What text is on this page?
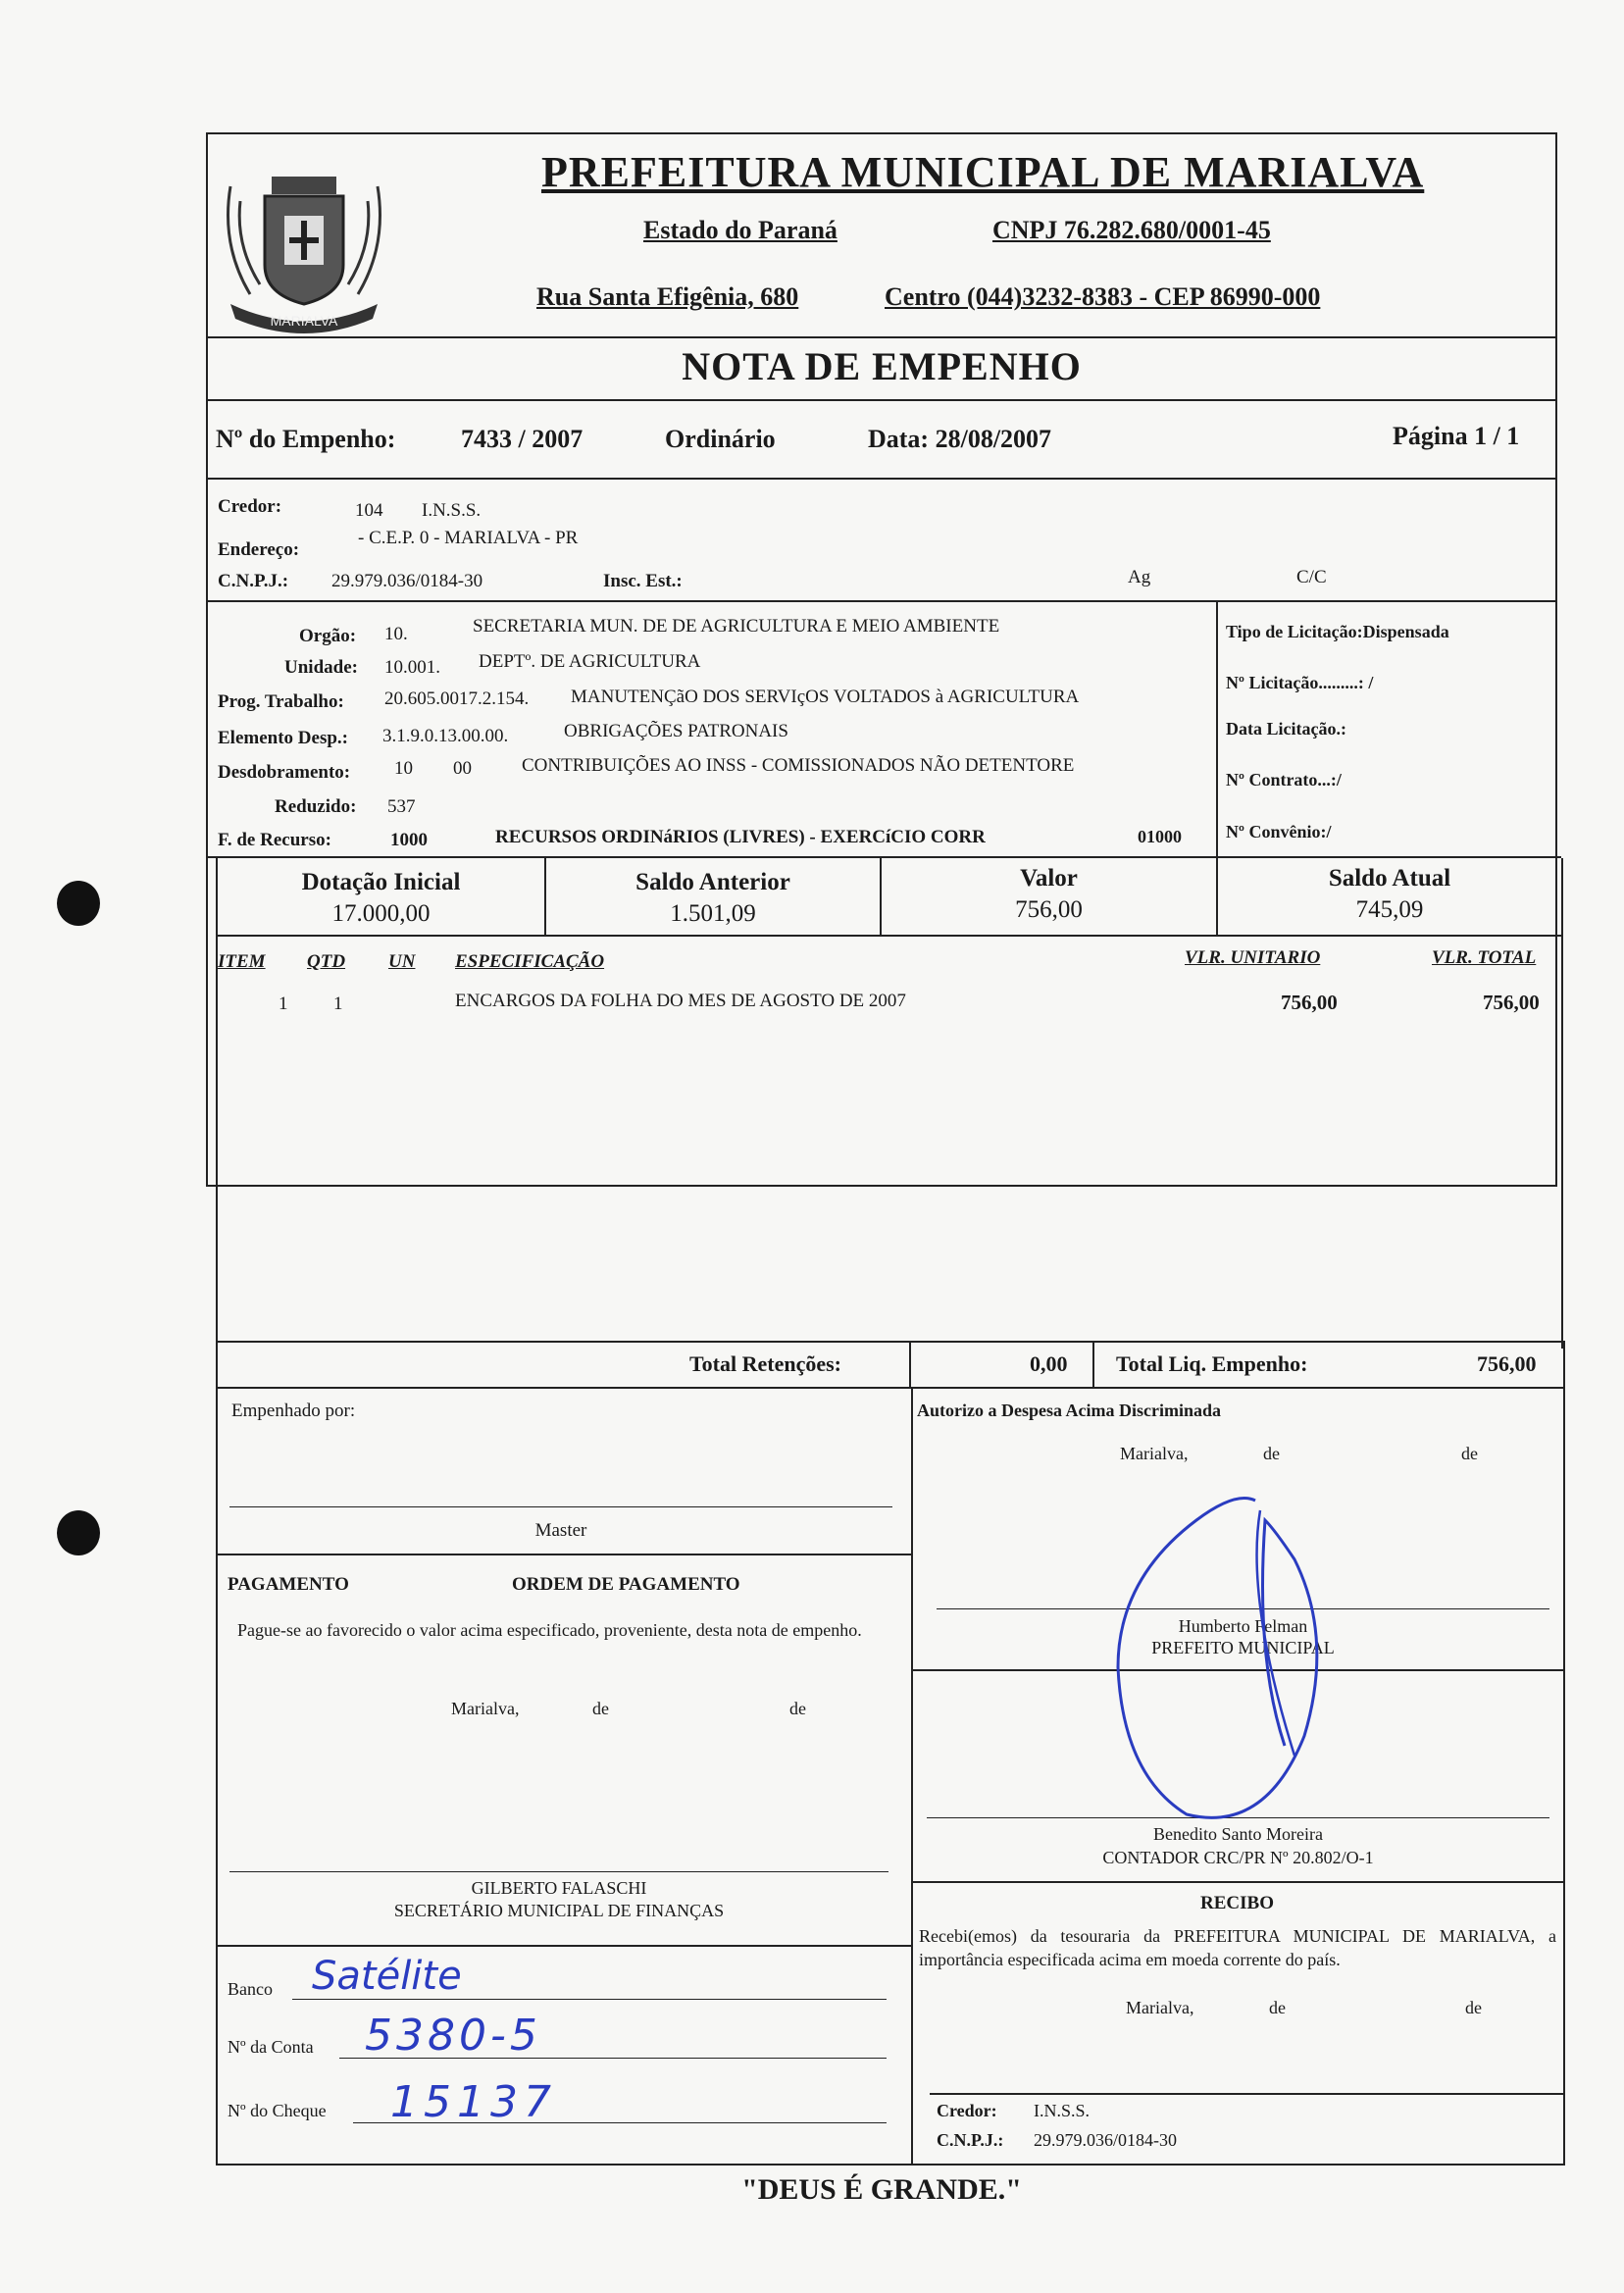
MARIALVA
PREFEITURA MUNICIPAL DE MARIALVA
Estado do Paraná	CNPJ 76.282.680/0001-45
Rua Santa Efigênia, 680	Centro (044)3232-8383 - CEP 86990-000
NOTA DE EMPENHO
Nº do Empenho:	7433 / 2007	Ordinário	Data: 28/08/2007	Página 1 / 1
Credor:	104 I.N.S.S.
Endereço:
- C.E.P. 0 - MARIALVA - PR
C.N.P.J.: 29.979.036/0184-30	Insc. Est.:	Ag	C/C
Orgão: 10.	SECRETARIA MUN. DE DE AGRICULTURA E MEIO AMBIENTE
Unidade: 10.001. DEPTº. DE AGRICULTURA
Prog. Trabalho: 20.605.0017.2.154. MANUTENÇãO DOS SERVIçOS VOLTADOS à AGRICULTURA
Elemento Desp.: 3.1.9.0.13.00.00.	OBRIGAÇÕES PATRONAIS
Desdobramento: 10 00	CONTRIBUIÇÕES AO INSS - COMISSIONADOS NÃO DETENTORE
Reduzido: 537
F. de Recurso:	1000	RECURSOS ORDINáRIOS (LIVRES) - EXERCíCIO CORR	01000
Tipo de Licitação:Dispensada
Nº Licitação.........: /
Data Licitação.:
Nº Contrato...:/
Nº Convênio:/
Dotação Inicial
17.000,00
Saldo Anterior
1.501,09
Valor
756,00
Saldo Atual
745,09
ITEM QTD UN ESPECIFICAÇÃO	VLR. UNITARIO	VLR. TOTAL
1 1	ENCARGOS DA FOLHA DO MES DE AGOSTO DE 2007	756,00	756,00
Total Retenções:	0,00 Total Liq. Empenho:	756,00
Empenhado por:
Master
PAGAMENTO	ORDEM DE PAGAMENTO
Pague-se ao favorecido o valor acima especificado, proveniente, desta nota de empenho.
Marialva,	de	de
GILBERTO FALASCHI
SECRETÁRIO MUNICIPAL DE FINANÇAS
Banco Satélite
Nº da Conta 5380-5
Nº do Cheque 15137
Autorizo a Despesa Acima Discriminada
Marialva,	de	de
Humberto Felman
PREFEITO MUNICIPAL
Benedito Santo Moreira
CONTADOR CRC/PR Nº 20.802/O-1
RECIBO
Recebi(emos) da tesouraria da PREFEITURA MUNICIPAL DE MARIALVA, a importância especificada acima em moeda corrente do país.
Marialva,	de	de
Credor: I.N.S.S.
C.N.P.J.: 29.979.036/0184-30
"DEUS É GRANDE."
